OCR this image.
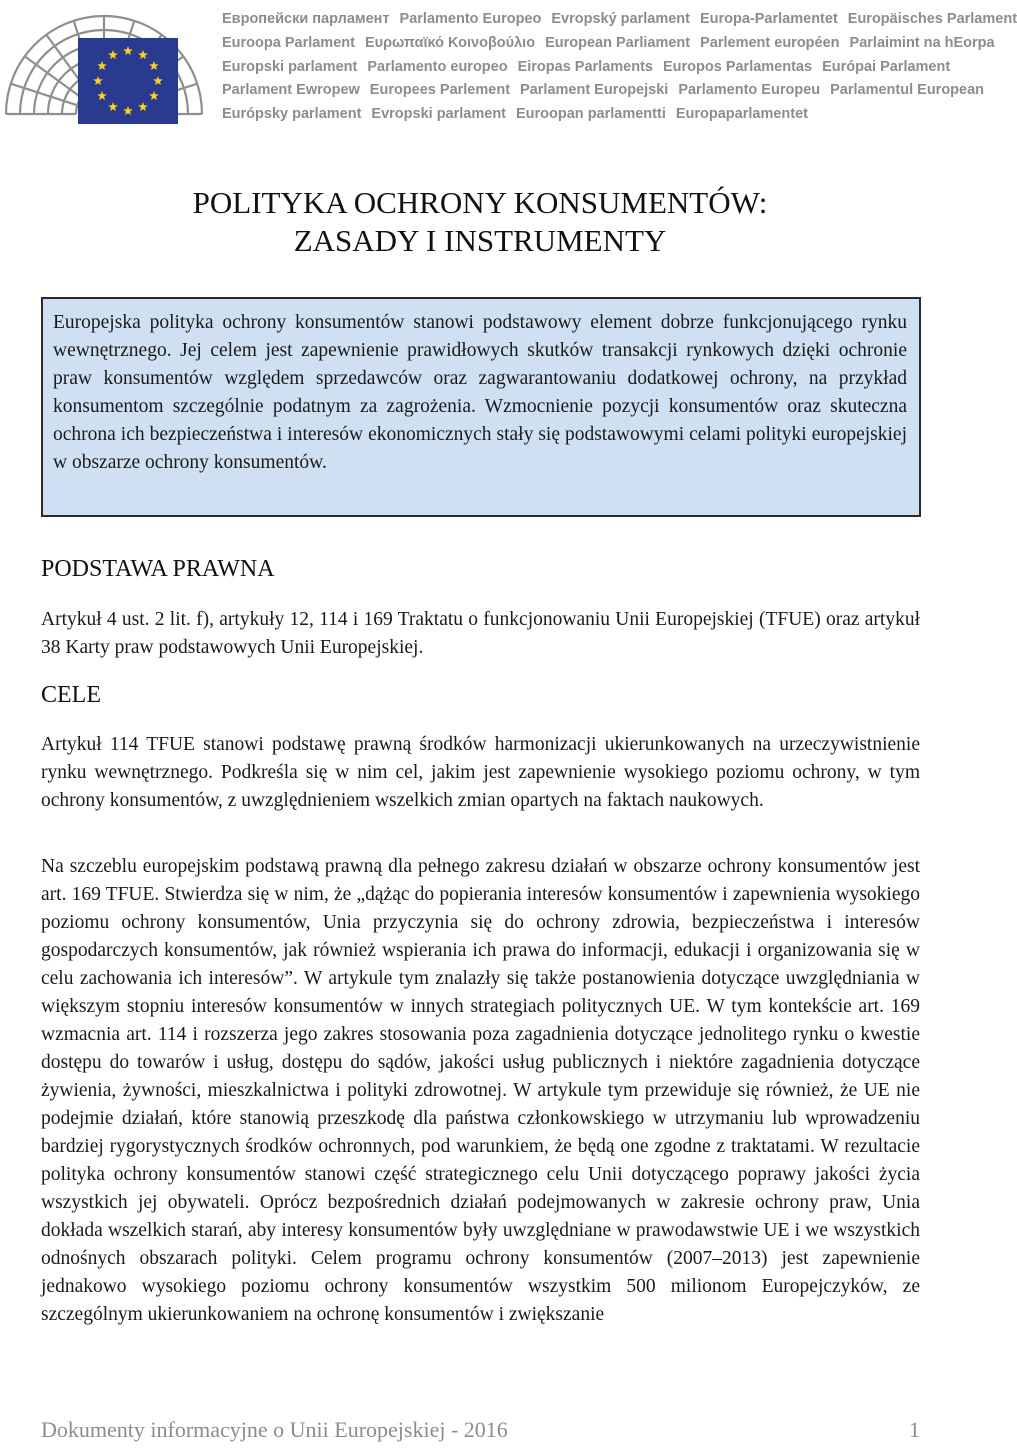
Европейски парламент Parlamento Europeo Evropský parlament Europa-Parlamentet Europäisches Parlament
Euroopa Parlament Ευρωπαϊκό Κοινοβούλιο European Parliament Parlement européen Parlaimint na hEorpa
Europski parlament Parlamento europeo Eiropas Parlaments Europos Parlamentas Európai Parlament
Parlament Ewropew Europees Parlement Parlament Europejski Parlamento Europeu Parlamentul European
Európsky parlament Evropski parlament Euroopan parlamentti Europaparlamentet
POLITYKA OCHRONY KONSUMENTÓW:
ZASADY I INSTRUMENTY
Europejska polityka ochrony konsumentów stanowi podstawowy element dobrze funkcjonującego rynku wewnętrznego. Jej celem jest zapewnienie prawidłowych skutków transakcji rynkowych dzięki ochronie praw konsumentów względem sprzedawców oraz zagwarantowaniu dodatkowej ochrony, na przykład konsumentom szczególnie podatnym za zagrożenia. Wzmocnienie pozycji konsumentów oraz skuteczna ochrona ich bezpieczeństwa i interesów ekonomicznych stały się podstawowymi celami polityki europejskiej w obszarze ochrony konsumentów.
PODSTAWA PRAWNA
Artykuł 4 ust. 2 lit. f), artykuły 12, 114 i 169 Traktatu o funkcjonowaniu Unii Europejskiej (TFUE) oraz artykuł 38 Karty praw podstawowych Unii Europejskiej.
CELE
Artykuł 114 TFUE stanowi podstawę prawną środków harmonizacji ukierunkowanych na urzeczywistnienie rynku wewnętrznego. Podkreśla się w nim cel, jakim jest zapewnienie wysokiego poziomu ochrony, w tym ochrony konsumentów, z uwzględnieniem wszelkich zmian opartych na faktach naukowych.
Na szczeblu europejskim podstawą prawną dla pełnego zakresu działań w obszarze ochrony konsumentów jest art. 169 TFUE. Stwierdza się w nim, że „dążąc do popierania interesów konsumentów i zapewnienia wysokiego poziomu ochrony konsumentów, Unia przyczynia się do ochrony zdrowia, bezpieczeństwa i interesów gospodarczych konsumentów, jak również wspierania ich prawa do informacji, edukacji i organizowania się w celu zachowania ich interesów”. W artykule tym znalazły się także postanowienia dotyczące uwzględniania w większym stopniu interesów konsumentów w innych strategiach politycznych UE. W tym kontekście art. 169 wzmacnia art. 114 i rozszerza jego zakres stosowania poza zagadnienia dotyczące jednolitego rynku o kwestie dostępu do towarów i usług, dostępu do sądów, jakości usług publicznych i niektóre zagadnienia dotyczące żywienia, żywności, mieszkalnictwa i polityki zdrowotnej. W artykule tym przewiduje się również, że UE nie podejmie działań, które stanowią przeszkodę dla państwa członkowskiego w utrzymaniu lub wprowadzeniu bardziej rygorystycznych środków ochronnych, pod warunkiem, że będą one zgodne z traktatami. W rezultacie polityka ochrony konsumentów stanowi część strategicznego celu Unii dotyczącego poprawy jakości życia wszystkich jej obywateli. Oprócz bezpośrednich działań podejmowanych w zakresie ochrony praw, Unia dokłada wszelkich starań, aby interesy konsumentów były uwzględniane w prawodawstwie UE i we wszystkich odnośnych obszarach polityki. Celem programu ochrony konsumentów (2007–2013) jest zapewnienie jednakowo wysokiego poziomu ochrony konsumentów wszystkim 500 milionom Europejczyków, ze szczególnym ukierunkowaniem na ochronę konsumentów i zwiększanie
Dokumenty informacyjne o Unii Europejskiej - 2016	1
